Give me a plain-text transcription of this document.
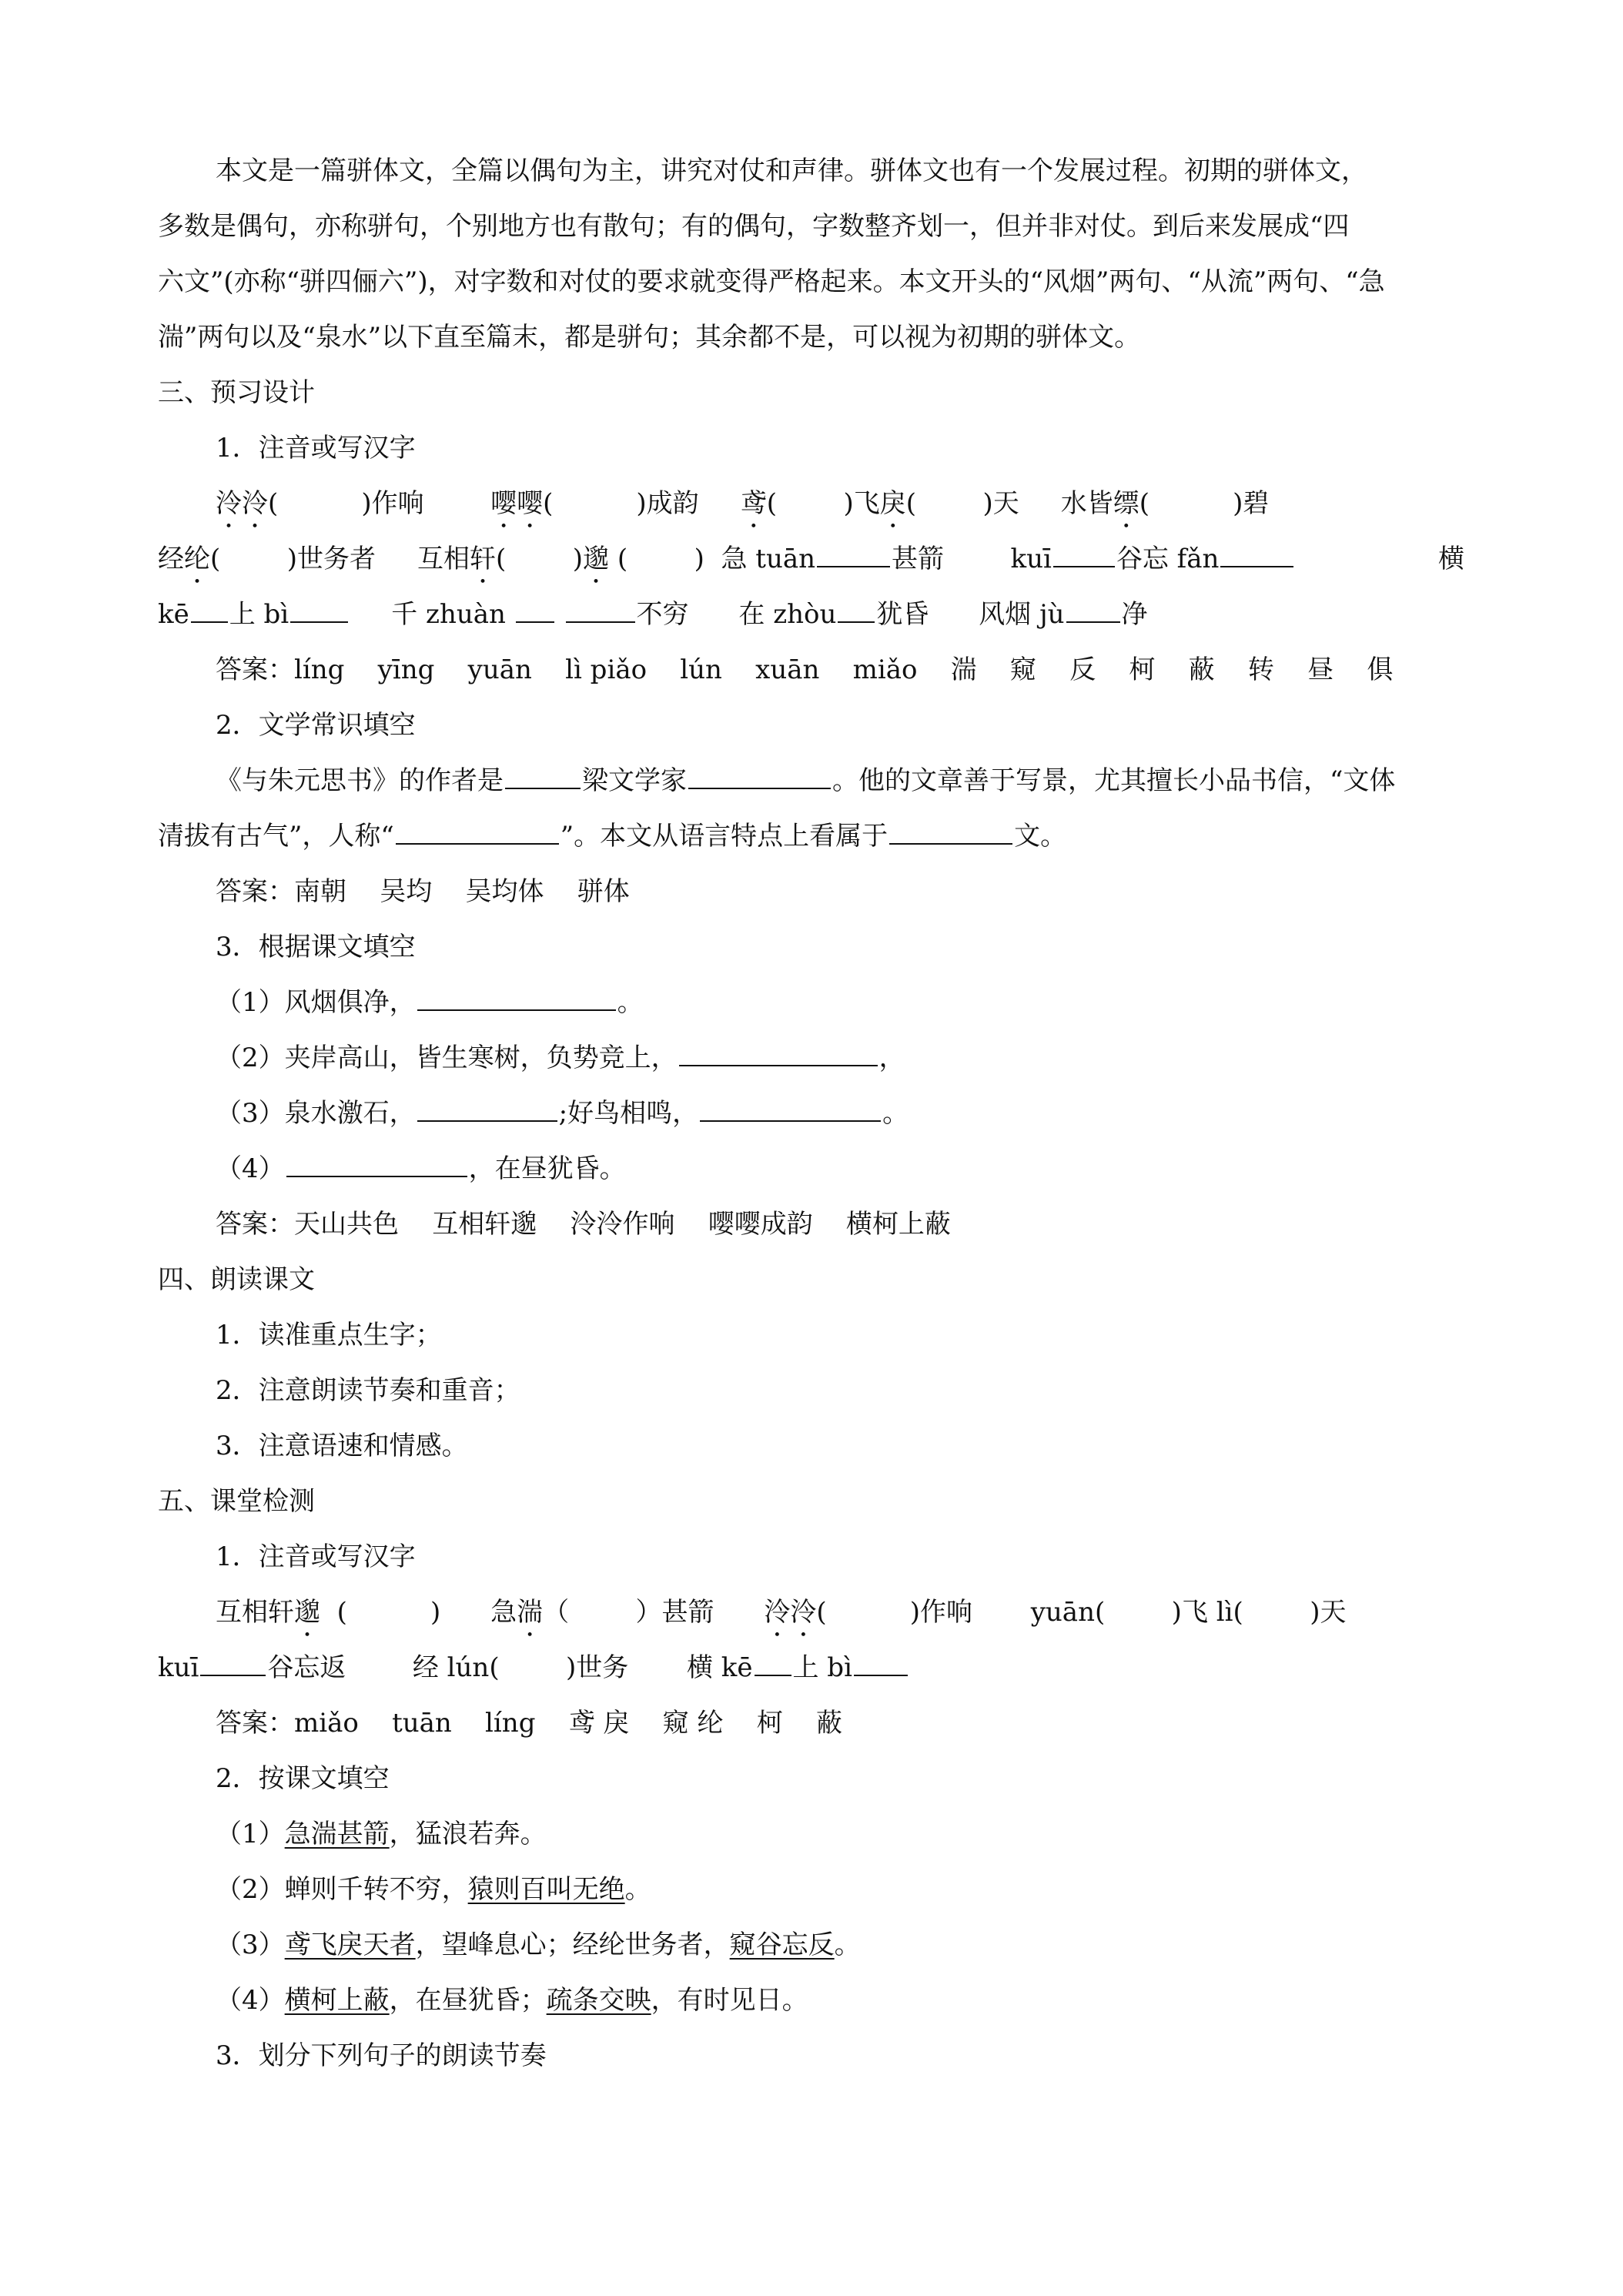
本文是一篇骈体文，全篇以偶句为主，讲究对仗和声律。骈体文也有一个发展过程。初期的骈体文，
多数是偶句，亦称骈句，个别地方也有散句；有的偶句，字数整齐划一，但并非对仗。到后来发展成“四
六文”(亦称“骈四俪六”)，对字数和对仗的要求就变得严格起来。本文开头的“风烟”两句、“从流”两句、“急
湍”两句以及“泉水”以下直至篇末，都是骈句；其余都不是，可以视为初期的骈体文。
三、预习设计
1．注音或写汉字
泠泠(          )作响	嘤嘤(          )成韵 鸢(        )飞戾(        )天 水皆缥(          )碧
经纶(        )世务者 互相轩(        )邈 (        ) 急 tuān	甚箭	kuī 谷忘 fǎn	横
kē 上 bì	千 zhuàn	不穷 在 zhòu 犹昏 风烟 jù 净
答案：líng    yīng    yuān    lì piǎo    lún    xuān    miǎo    湍    窥    反    柯    蔽    转    昼    俱
2．文学常识填空
《与朱元思书》的作者是	梁文学家	。他的文章善于写景，尤其擅长小品书信，“文体
清拔有古气”，人称“	”。本文从语言特点上看属于	文。
答案：南朝    吴均    吴均体    骈体
3．根据课文填空
（1）风烟俱净，	。
（2）夹岸高山，皆生寒树，负势竞上，	，
（3）泉水激石，	;好鸟相鸣，	。
（4）	，在昼犹昏。
答案：天山共色    互相轩邈    泠泠作响    嘤嘤成韵    横柯上蔽
四、朗读课文
1．读准重点生字；
2．注意朗读节奏和重音；
3．注意语速和情感。
五、课堂检测
1．注音或写汉字
互相轩邈  (          ) 急湍（        ）甚箭 泠泠(          )作响 yuān(        )飞 lì(        )天
kuī	谷忘返	经 lún(        )世务 横 kē 上 bì
答案：miǎo    tuān    líng    鸢 戾    窥 纶    柯    蔽
2．按课文填空
（1）急湍甚箭，猛浪若奔。
（2）蝉则千转不穷，猿则百叫无绝。
（3）鸢飞戾天者，望峰息心；经纶世务者，窥谷忘反。
（4）横柯上蔽，在昼犹昏；疏条交映，有时见日。
3．划分下列句子的朗读节奏
